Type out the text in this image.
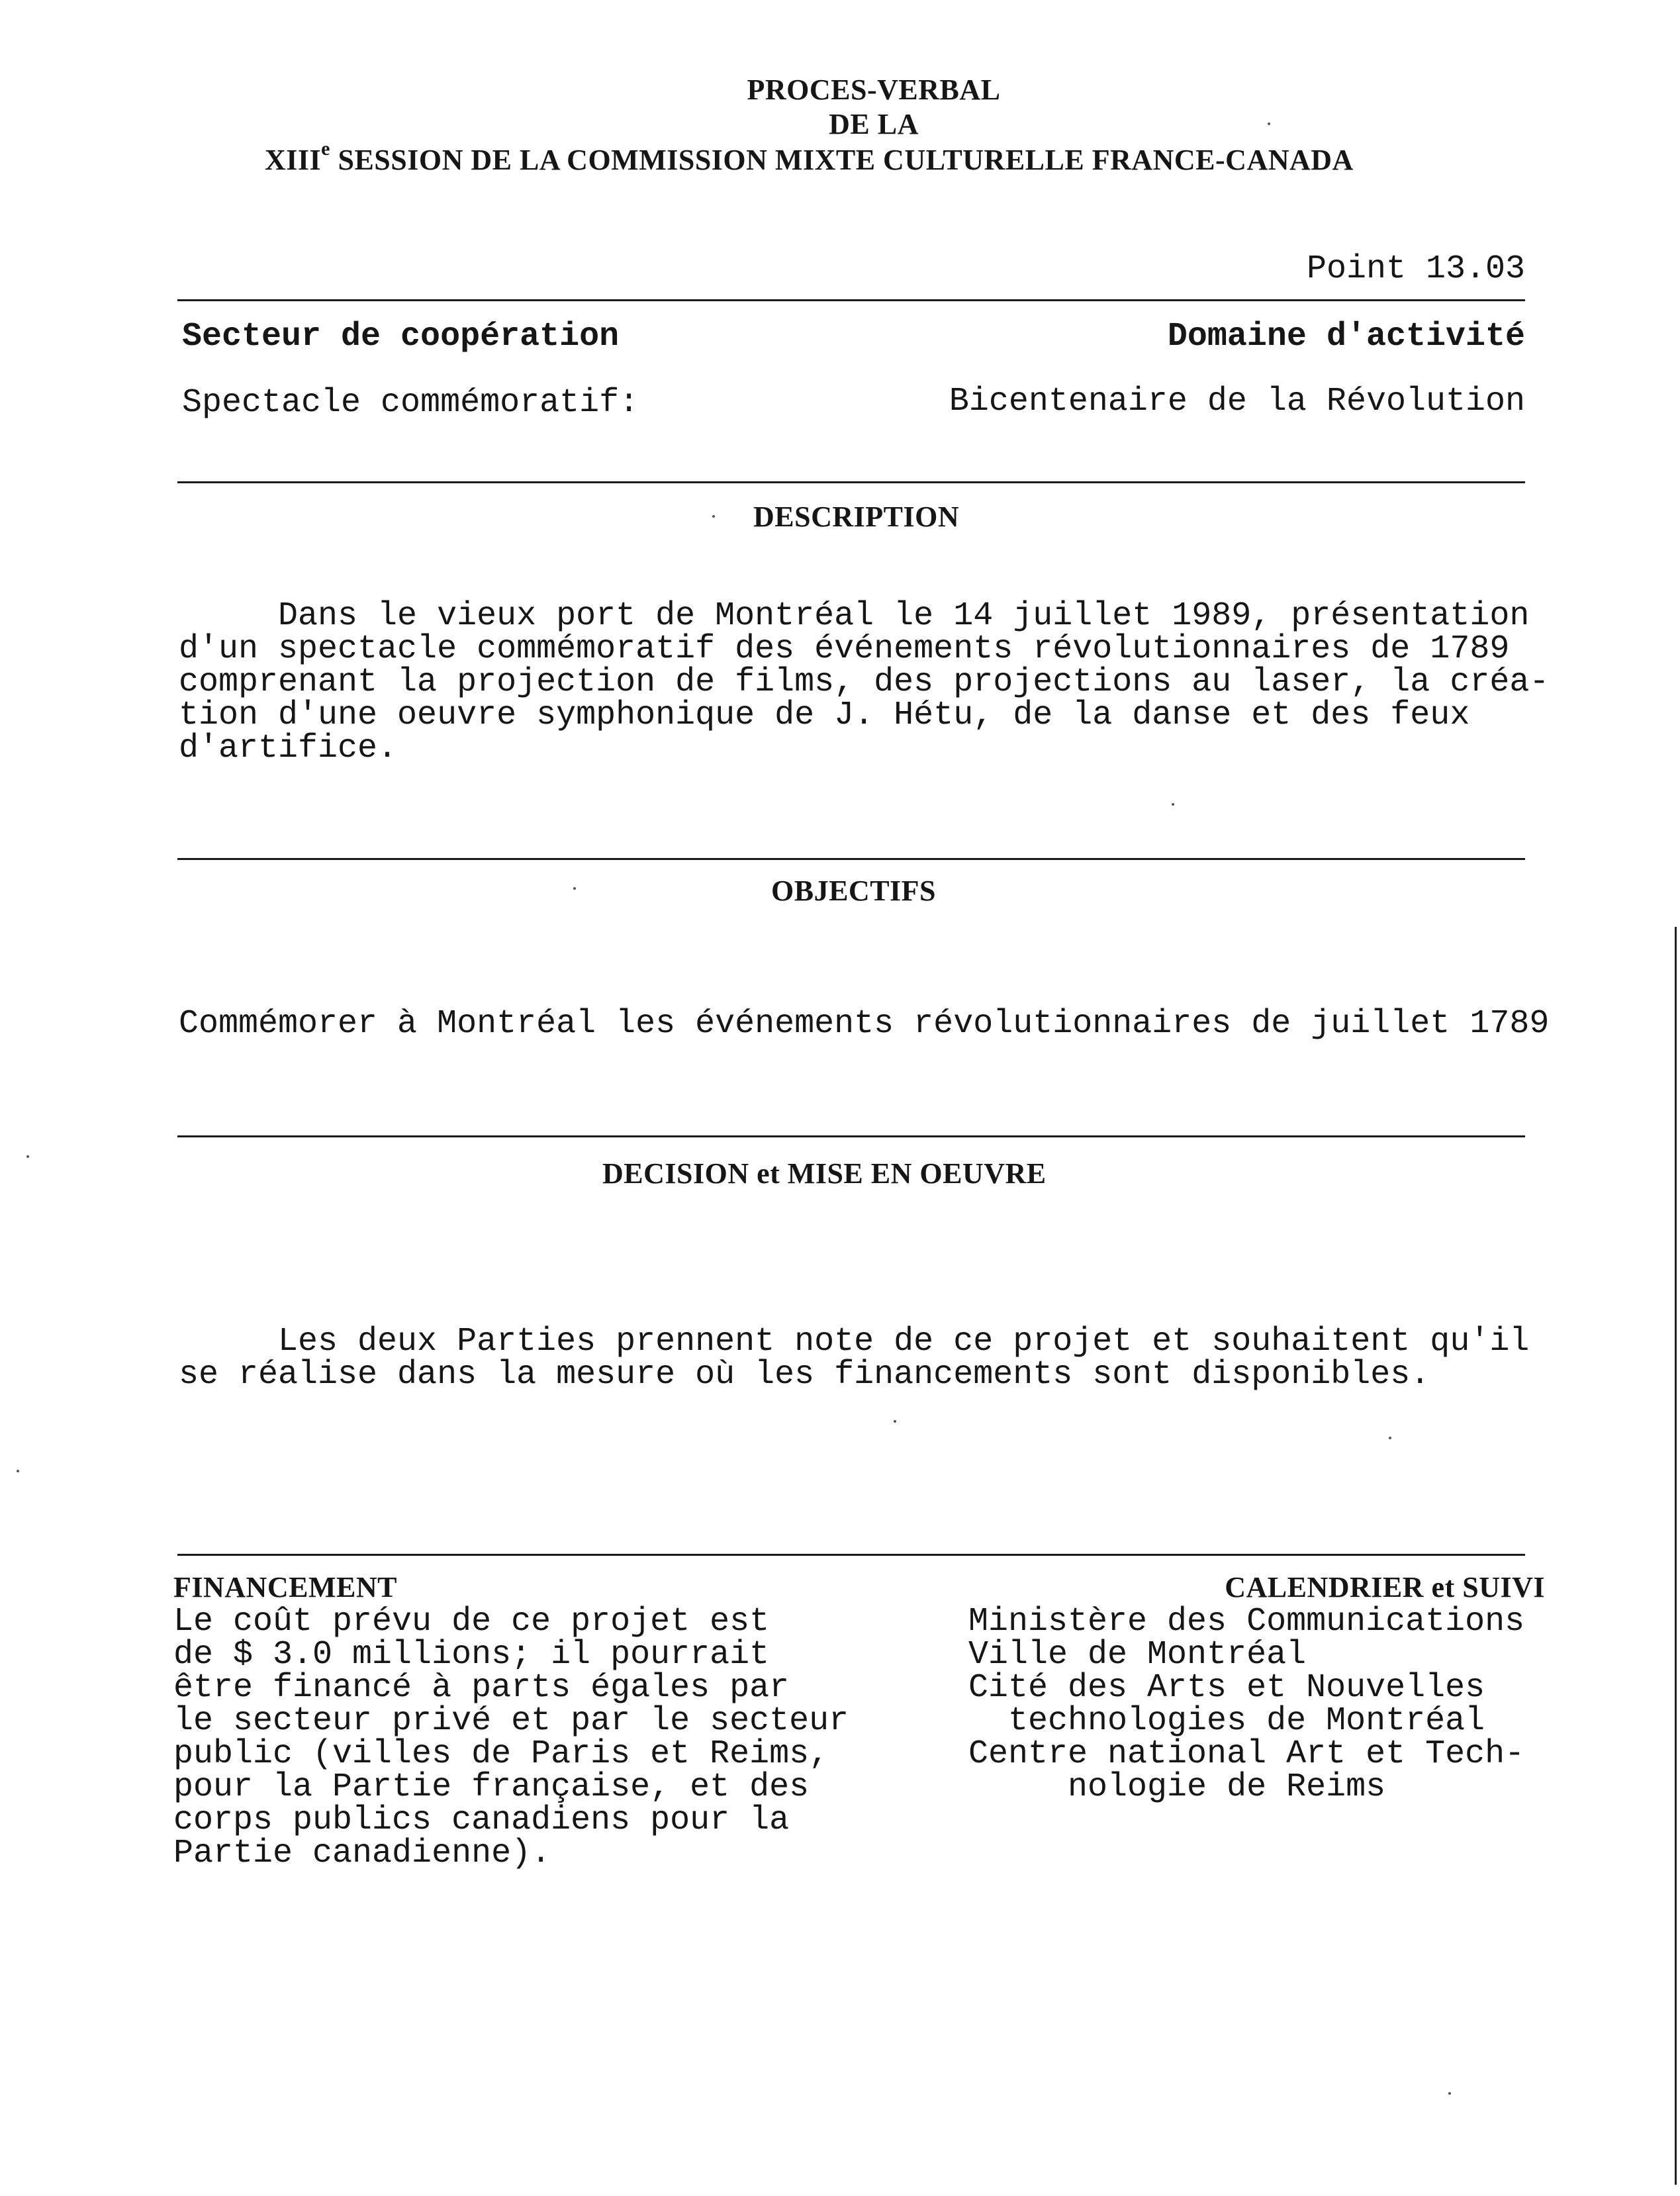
PROCES-VERBAL
DE LA
XIIIe SESSION DE LA COMMISSION MIXTE CULTURELLE FRANCE-CANADA
Point 13.03
Secteur de coopération	Domaine d'activité
Spectacle commémoratif:	Bicentenaire de la Révolution
DESCRIPTION
Dans le vieux port de Montréal le 14 juillet 1989, présentation
d'un spectacle commémoratif des événements révolutionnaires de 1789
comprenant la projection de films, des projections au laser, la créa-
tion d'une oeuvre symphonique de J. Hétu, de la danse et des feux
d'artifice.
OBJECTIFS
Commémorer à Montréal les événements révolutionnaires de juillet 1789
DECISION et MISE EN OEUVRE
Les deux Parties prennent note de ce projet et souhaitent qu'il
se réalise dans la mesure où les financements sont disponibles.
FINANCEMENT
Le coût prévu de ce projet est
de $ 3.0 millions; il pourrait
être financé à parts égales par
le secteur privé et par le secteur
public (villes de Paris et Reims,
pour la Partie française, et des
corps publics canadiens pour la
Partie canadienne).
CALENDRIER et SUIVI
Ministère des Communications
Ville de Montréal
Cité des Arts et Nouvelles
technologies de Montréal
Centre national Art et Tech-
nologie de Reims
